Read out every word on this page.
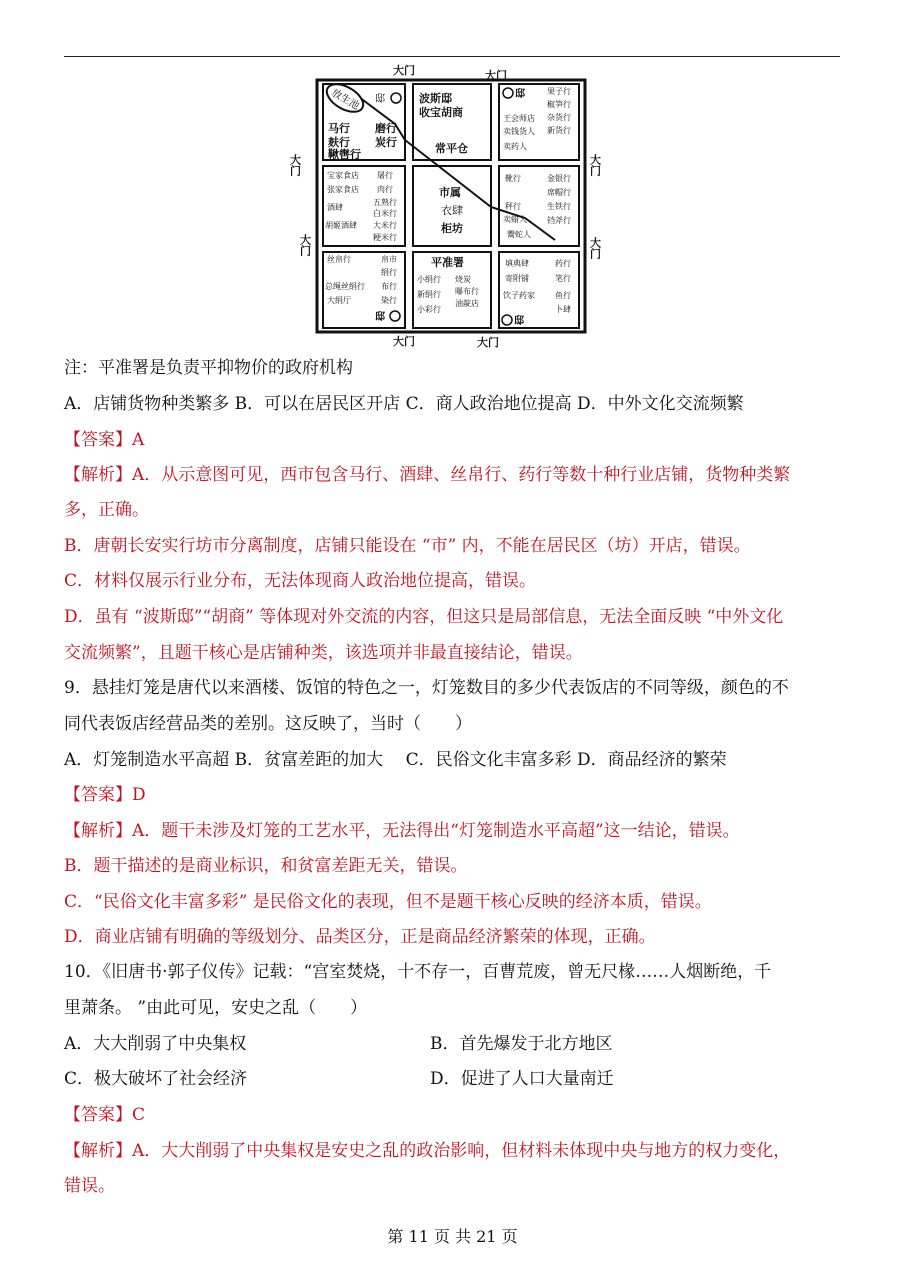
大门	大门
大门	大门
大门
大门
大门
大门
放生池 邸
马行 磨行
麸行 炭行
鞦辔行
波斯邸
收宝胡商
常平仓
邸	果子行
椒笋行
王会师店 杂货行
卖钱货人 新货行
卖药人
宝家食店 屠行
张家食店 肉行
五熟行
酒肆
白米行
胡姬酒肆 大米行
粳米行
市属
衣肆
柜坊
靴行	金银行
席帽行
秤行	生铁行
卖蜡人	铛斧行
鬻蛇人
丝帛行	帛市
绢行
总绳丝绢行 布行
大绢厅	染行
邸
平准署
小绢行 烧炭
新绢行 曝布行
小彩行
油靛店
填典肆	药行
寄附铺	笔行
饮子药家	鱼行
卜肆
邸
注：平准署是负责平抑物价的政府机构
A．店铺货物种类繁多 B．可以在居民区开店 C．商人政治地位提高 D．中外文化交流频繁
【答案】A
【解析】A．从示意图可见，西市包含马行、酒肆、丝帛行、药行等数十种行业店铺，货物种类繁
多，正确。
B．唐朝长安实行坊市分离制度，店铺只能设在 “市” 内，不能在居民区（坊）开店，错误。
C．材料仅展示行业分布，无法体现商人政治地位提高，错误。
D．虽有 “波斯邸”“胡商” 等体现对外交流的内容，但这只是局部信息，无法全面反映 “中外文化
交流频繁”，且题干核心是店铺种类，该选项并非最直接结论，错误。
9．悬挂灯笼是唐代以来酒楼、饭馆的特色之一，灯笼数目的多少代表饭店的不同等级，颜色的不
同代表饭店经营品类的差别。这反映了，当时（　　）
A．灯笼制造水平高超 B．贫富差距的加大　 C．民俗文化丰富多彩 D．商品经济的繁荣
【答案】D
【解析】A．题干未涉及灯笼的工艺水平，无法得出“灯笼制造水平高超”这一结论，错误。
B．题干描述的是商业标识，和贫富差距无关，错误。
C．“民俗文化丰富多彩” 是民俗文化的表现，但不是题干核心反映的经济本质，错误。
D．商业店铺有明确的等级划分、品类区分，正是商品经济繁荣的体现，正确。
10．《旧唐书·郭子仪传》记载：“宫室焚烧，十不存一，百曹荒废，曾无尺椽……人烟断绝，千
里萧条。 ”由此可见，安史之乱（　　）
A．大大削弱了中央集权	B．首先爆发于北方地区
C．极大破坏了社会经济	D．促进了人口大量南迁
【答案】C
【解析】A．大大削弱了中央集权是安史之乱的政治影响，但材料未体现中央与地方的权力变化，
错误。
第 11 页 共 21 页
